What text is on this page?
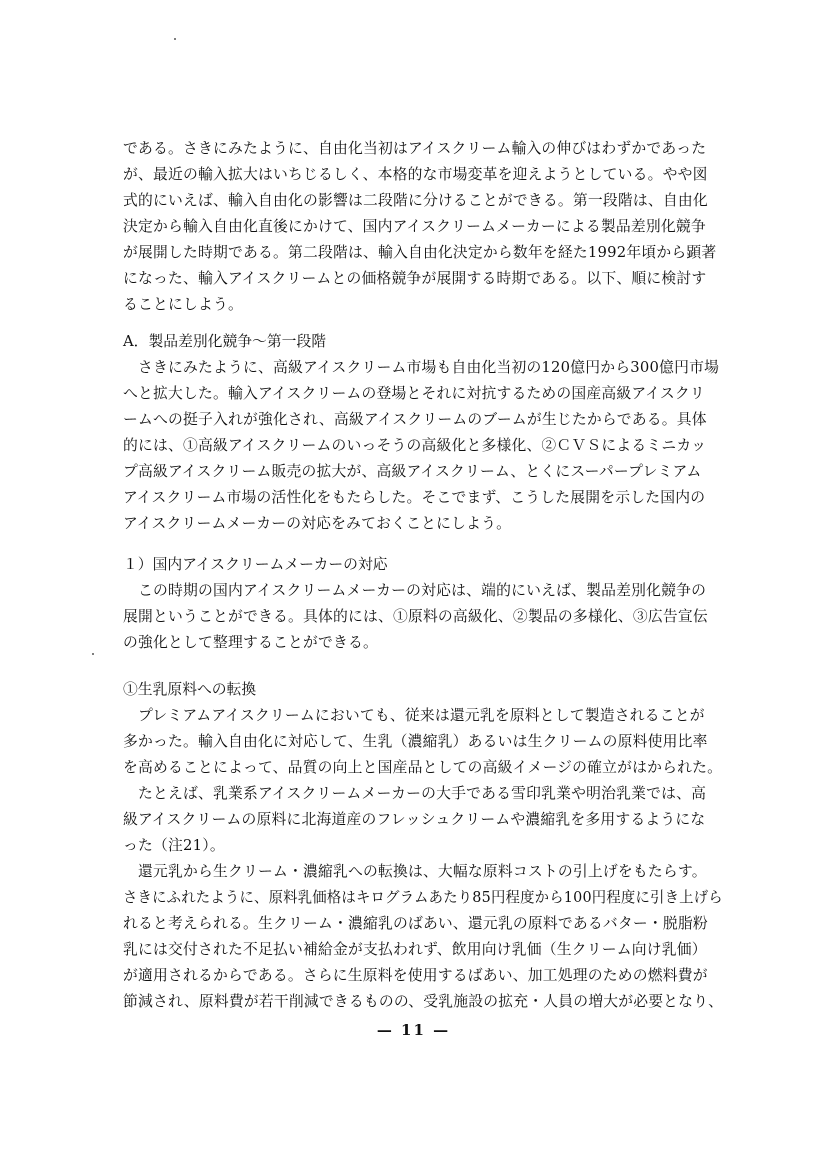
である。さきにみたように、自由化当初はアイスクリーム輸入の伸びはわずかであった
が、最近の輸入拡大はいちじるしく、本格的な市場変革を迎えようとしている。やや図
式的にいえば、輸入自由化の影響は二段階に分けることができる。第一段階は、自由化
決定から輸入自由化直後にかけて、国内アイスクリームメーカーによる製品差別化競争
が展開した時期である。第二段階は、輸入自由化決定から数年を経た1992年頃から顕著
になった、輸入アイスクリームとの価格競争が展開する時期である。以下、順に検討す
ることにしよう。
A．製品差別化競争～第一段階
　さきにみたように、高級アイスクリーム市場も自由化当初の120億円から300億円市場
へと拡大した。輸入アイスクリームの登場とそれに対抗するための国産高級アイスクリ
ームへの挺子入れが強化され、高級アイスクリームのブームが生じたからである。具体
的には、①高級アイスクリームのいっそうの高級化と多様化、②ＣＶＳによるミニカッ
プ高級アイスクリーム販売の拡大が、高級アイスクリーム、とくにスーパープレミアム
アイスクリーム市場の活性化をもたらした。そこでまず、こうした展開を示した国内の
アイスクリームメーカーの対応をみておくことにしよう。
１）国内アイスクリームメーカーの対応
　この時期の国内アイスクリームメーカーの対応は、端的にいえば、製品差別化競争の
展開ということができる。具体的には、①原料の高級化、②製品の多様化、③広告宣伝
の強化として整理することができる。
①生乳原料への転換
　プレミアムアイスクリームにおいても、従来は還元乳を原料として製造されることが
多かった。輸入自由化に対応して、生乳（濃縮乳）あるいは生クリームの原料使用比率
を高めることによって、品質の向上と国産品としての高級イメージの確立がはかられた。
　たとえば、乳業系アイスクリームメーカーの大手である雪印乳業や明治乳業では、高
級アイスクリームの原料に北海道産のフレッシュクリームや濃縮乳を多用するようにな
った（注21）。
　還元乳から生クリーム・濃縮乳への転換は、大幅な原料コストの引上げをもたらす。
さきにふれたように、原料乳価格はキログラムあたり85円程度から100円程度に引き上げら
れると考えられる。生クリーム・濃縮乳のばあい、還元乳の原料であるバター・脱脂粉
乳には交付された不足払い補給金が支払われず、飲用向け乳価（生クリーム向け乳価）
が適用されるからである。さらに生原料を使用するばあい、加工処理のための燃料費が
節減され、原料費が若干削減できるものの、受乳施設の拡充・人員の増大が必要となり、
— 11 —
